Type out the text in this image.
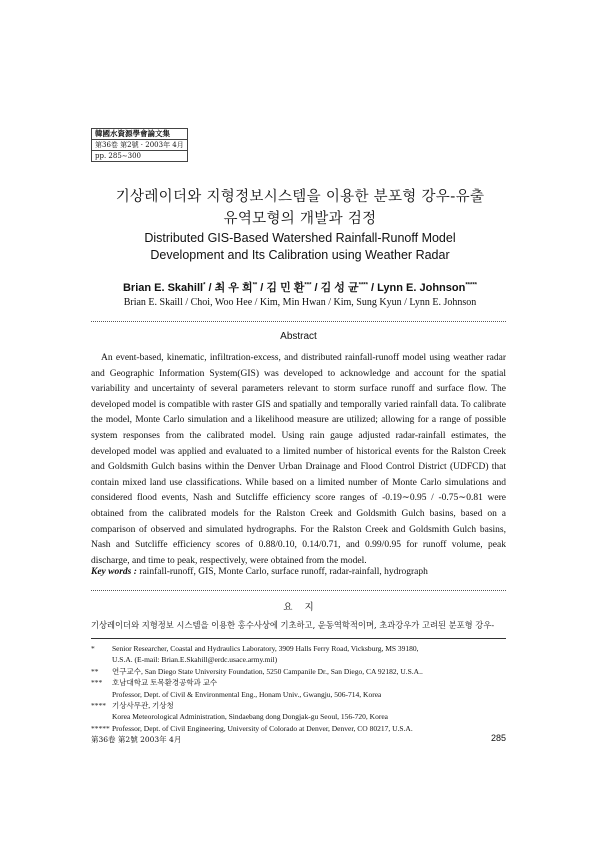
韓國水資源學會論文集
第36卷 第2號 · 2003年 4月
pp. 285∼300
기상레이더와 지형정보시스템을 이용한 분포형 강우-유출
유역모형의 개발과 검정
Distributed GIS-Based Watershed Rainfall-Runoff Model
Development and Its Calibration using Weather Radar
Brian E. Skahill* / 최 우 희** / 김 민 환*** / 김 성 균**** / Lynn E. Johnson*****
Brian E. Skaill / Choi, Woo Hee / Kim, Min Hwan / Kim, Sung Kyun / Lynn E. Johnson
Abstract

An event-based, kinematic, infiltration-excess, and distributed rainfall-runoff model using weather radar and Geographic Information System(GIS) was developed to acknowledge and account for the spatial variability and uncertainty of several parameters relevant to storm surface runoff and surface flow. The developed model is compatible with raster GIS and spatially and temporally varied rainfall data. To calibrate the model, Monte Carlo simulation and a likelihood measure are utilized; allowing for a range of possible system responses from the calibrated model. Using rain gauge adjusted radar-rainfall estimates, the developed model was applied and evaluated to a limited number of historical events for the Ralston Creek and Goldsmith Gulch basins within the Denver Urban Drainage and Flood Control District (UDFCD) that contain mixed land use classifications. While based on a limited number of Monte Carlo simulations and considered flood events, Nash and Sutcliffe efficiency score ranges of -0.19∼0.95 / -0.75∼0.81 were obtained from the calibrated models for the Ralston Creek and Goldsmith Gulch basins, based on a comparison of observed and simulated hydrographs. For the Ralston Creek and Goldsmith Gulch basins, Nash and Sutcliffe efficiency scores of 0.88/0.10, 0.14/0.71, and 0.99/0.95 for runoff volume, peak discharge, and time to peak, respectively, were obtained from the model.

Key words : rainfall-runoff, GIS, Monte Carlo, surface runoff, radar-rainfall, hydrograph
요    지
기상레이더와 지형정보 시스템을 이용한 홍수사상에 기초하고, 운동역학적이며, 초과강우가 고려된 분포형 강우-
*	Senior Researcher, Coastal and Hydraulics Laboratory, 3909 Halls Ferry Road, Vicksburg, MS 39180,
U.S.A. (E-mail: Brian.E.Skahill@erdc.usace.army.mil)
**	연구교수, San Diego State University Foundation, 5250 Campanile Dr., San Diego, CA 92182, U.S.A..
***	호남대학교 토목환경공학과 교수
Professor, Dept. of Civil & Environmental Eng., Honam Univ., Gwangju, 506-714, Korea
**** 기상사무관, 기상청
Korea Meteorological Administration, Sindaebang dong Dongjak-gu Seoul, 156-720, Korea
***** Professor, Dept. of Civil Engineering, University of Colorado at Denver, Denver, CO 80217, U.S.A.
第36卷 第2號 2003年 4月	285
